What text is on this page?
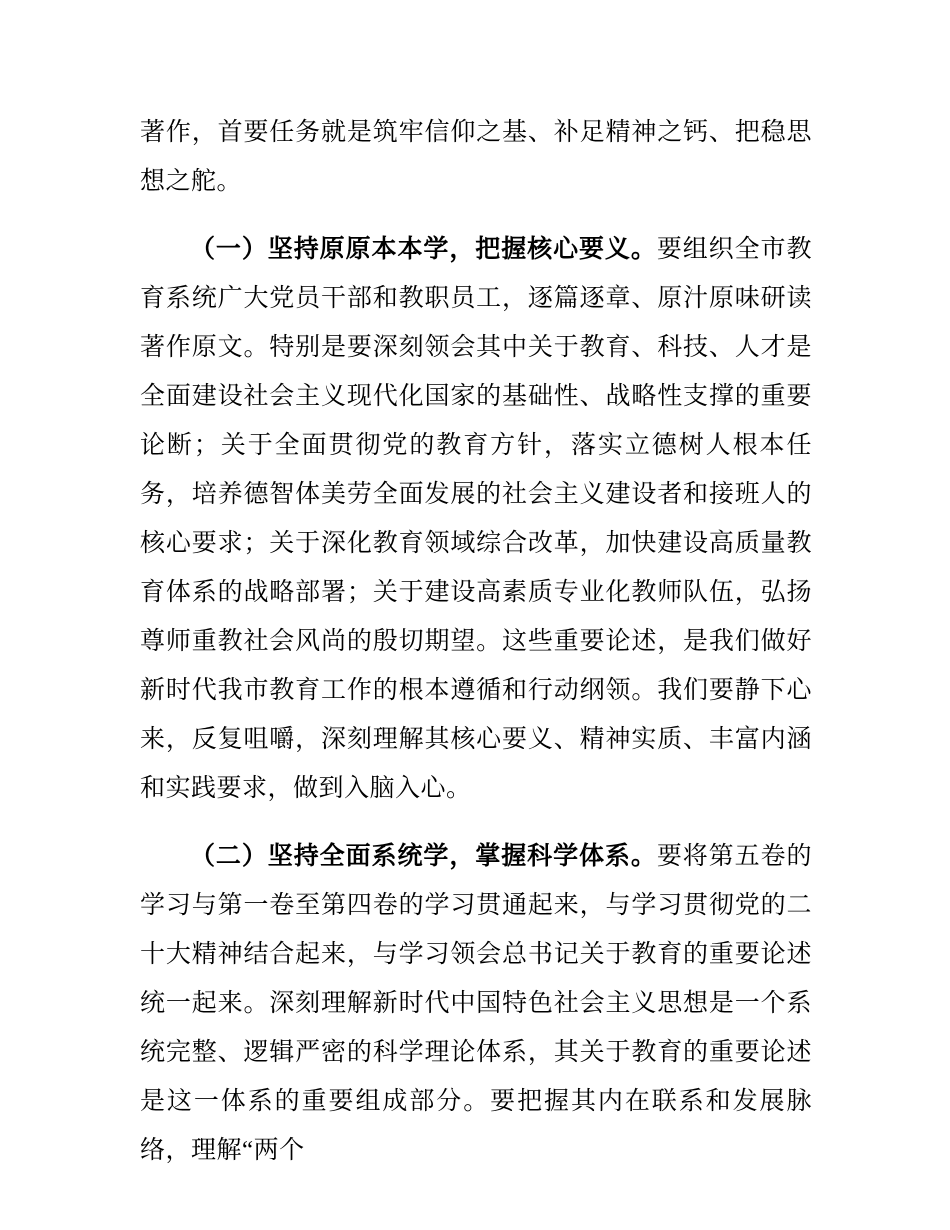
著作，首要任务就是筑牢信仰之基、补足精神之钙、把稳思想之舵。

（一）坚持原原本本学，把握核心要义。要组织全市教育系统广大党员干部和教职员工，逐篇逐章、原汁原味研读著作原文。特别是要深刻领会其中关于教育、科技、人才是全面建设社会主义现代化国家的基础性、战略性支撑的重要论断；关于全面贯彻党的教育方针，落实立德树人根本任务，培养德智体美劳全面发展的社会主义建设者和接班人的核心要求；关于深化教育领域综合改革，加快建设高质量教育体系的战略部署；关于建设高素质专业化教师队伍，弘扬尊师重教社会风尚的殷切期望。这些重要论述，是我们做好新时代我市教育工作的根本遵循和行动纲领。我们要静下心来，反复咀嚼，深刻理解其核心要义、精神实质、丰富内涵和实践要求，做到入脑入心。

（二）坚持全面系统学，掌握科学体系。要将第五卷的学习与第一卷至第四卷的学习贯通起来，与学习贯彻党的二十大精神结合起来，与学习领会总书记关于教育的重要论述统一起来。深刻理解新时代中国特色社会主义思想是一个系统完整、逻辑严密的科学理论体系，其关于教育的重要论述是这一体系的重要组成部分。要把握其内在联系和发展脉络，理解“两个
